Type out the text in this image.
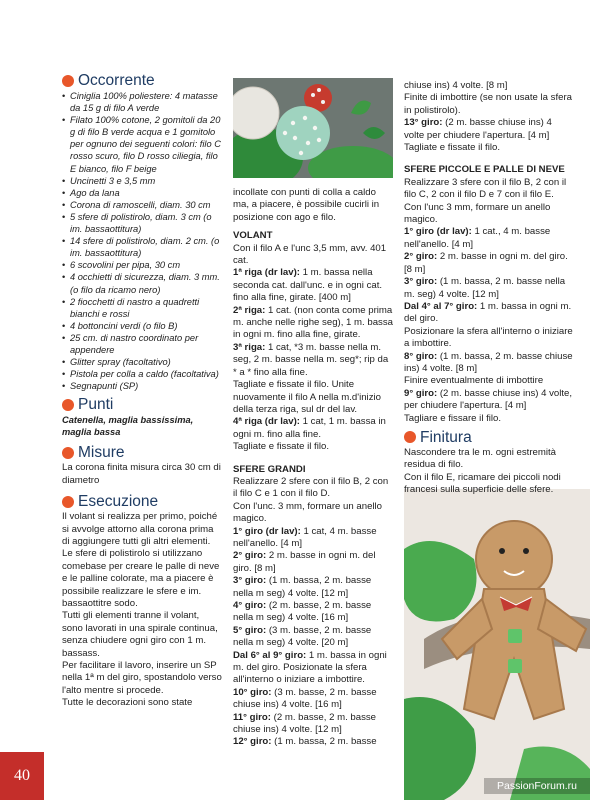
Occorrente
• Ciniglia 100% poliestere: 4 matasse da 15 g di filo A verde
• Filato 100% cotone, 2 gomitoli da 20 g di filo B verde acqua e 1 gomitolo per ognuno dei seguenti colori: filo C rosso scuro, filo D rosso ciliegia, filo E bianco, filo F beige
• Uncinetti 3 e 3,5 mm
• Ago da lana
• Corona di ramoscelli, diam. 30 cm
• 5 sfere di polistirolo, diam. 3 cm (o im. bassaottitura)
• 14 sfere di polistirolo, diam. 2 cm. (o im. bassaottitura)
• 6 scovolini per pipa, 30 cm
• 4 occhietti di sicurezza, diam. 3 mm. (o filo da ricamo nero)
• 2 fiocchetti di nastro a quadretti bianchi e rossi
• 4 bottoncini verdi (o filo B)
• 25 cm. di nastro coordinato per appendere
• Glitter spray (facoltativo)
• Pistola per colla a caldo (facoltativa)
• Segnapunti (SP)
Punti
Catenella, maglia bassissima, maglia bassa
Misure

La corona finita misura circa 30 cm di diametro

Esecuzione

Il volant si realizza per primo, poiché si avvolge attorno alla corona prima di aggiungere tutti gli altri elementi.

Le sfere di polistirolo si utilizzano comebase per creare le palle di neve e le palline colorate, ma a piacere è possibile realizzare le sfere e im. bassaottitre sodo.

Tutti gli elementi tranne il volant, sono lavorati in una spirale continua, senza chiudere ogni giro con 1 m. bassass.

Per facilitare il lavoro, inserire un SP nella 1ª m del giro, spostandolo verso l'alto mentre si procede.

Tutte le decorazioni sono state

incollate con punti di colla a caldo ma, a piacere, è possibile cucirli in posizione con ago e filo.

VOLANT

Con il filo A e l'unc 3,5 mm, avv. 401 cat.

1ª riga (dr lav): 1 m. bassa nella seconda cat. dall'unc. e in ogni cat. fino alla fine, girate. [400 m]

2ª riga: 1 cat. (non conta come prima m. anche nelle righe seg), 1 m. bassa in ogni m. fino alla fine, girate.

3ª riga: 1 cat, *3 m. basse nella m. seg, 2 m. basse nella m. seg*; rip da * a * fino alla fine.

Tagliate e fissate il filo. Unite nuovamente il filo A nella m.d'inizio della terza riga, sul dr del lav.

4ª riga (dr lav): 1 cat, 1 m. bassa in ogni m. fino alla fine.

Tagliate e fissate il filo.

SFERE GRANDI

Realizzare 2 sfere con il filo B, 2 con il filo C e 1 con il filo D.

Con l'unc. 3 mm, formare un anello magico.

1° giro (dr lav): 1 cat, 4 m. basse nell'anello. [4 m]

2° giro: 2 m. basse in ogni m. del giro. [8 m]

3° giro: (1 m. bassa, 2 m. basse nella m seg) 4 volte. [12 m]

4° giro: (2 m. basse, 2 m. basse nella m seg) 4 volte. [16 m]

5° giro: (3 m. basse, 2 m. basse nella m seg) 4 volte. [20 m]

Dal 6° al 9° giro: 1 m. bassa in ogni m. del giro. Posizionate la sfera all'interno o iniziare a imbottire.

10° giro: (3 m. basse, 2 m. basse chiuse ins) 4 volte. [16 m]

11° giro: (2 m. basse, 2 m. basse chiuse ins) 4 volte. [12 m]

12° giro: (1 m. bassa, 2 m. basse

chiuse ins) 4 volte. [8 m]

Finite di imbottire (se non usate la sfera in polistirolo).

13° giro: (2 m. basse chiuse ins) 4 volte per chiudere l'apertura. [4 m]

Tagliate e fissate il filo.

SFERE PICCOLE E PALLE DI NEVE

Realizzare 3 sfere con il filo B, 2 con il filo C, 2 con il filo D e 7 con il filo E.

Con l'unc 3 mm, formare un anello magico.

1° giro (dr lav): 1 cat., 4 m. basse nell'anello. [4 m]

2° giro: 2 m. basse in ogni m. del giro. [8 m]

3° giro: (1 m. bassa, 2 m. basse nella m. seg) 4 volte. [12 m]

Dal 4° al 7° giro: 1 m. bassa in ogni m. del giro.

Posizionare la sfera all'interno o iniziare a imbottire.

8° giro: (1 m. bassa, 2 m. basse chiuse ins) 4 volte. [8 m]

Finire eventualmente di imbottire

9° giro: (2 m. basse chiuse ins) 4 volte, per chiudere l'apertura. [4 m]

Tagliare e fissare il filo.

Finitura

Nascondere tra le m. ogni estremità residua di filo.

Con il filo E, ricamare dei piccoli nodi francesi sulla superficie delle sfere.

40
PassionForum.ru
